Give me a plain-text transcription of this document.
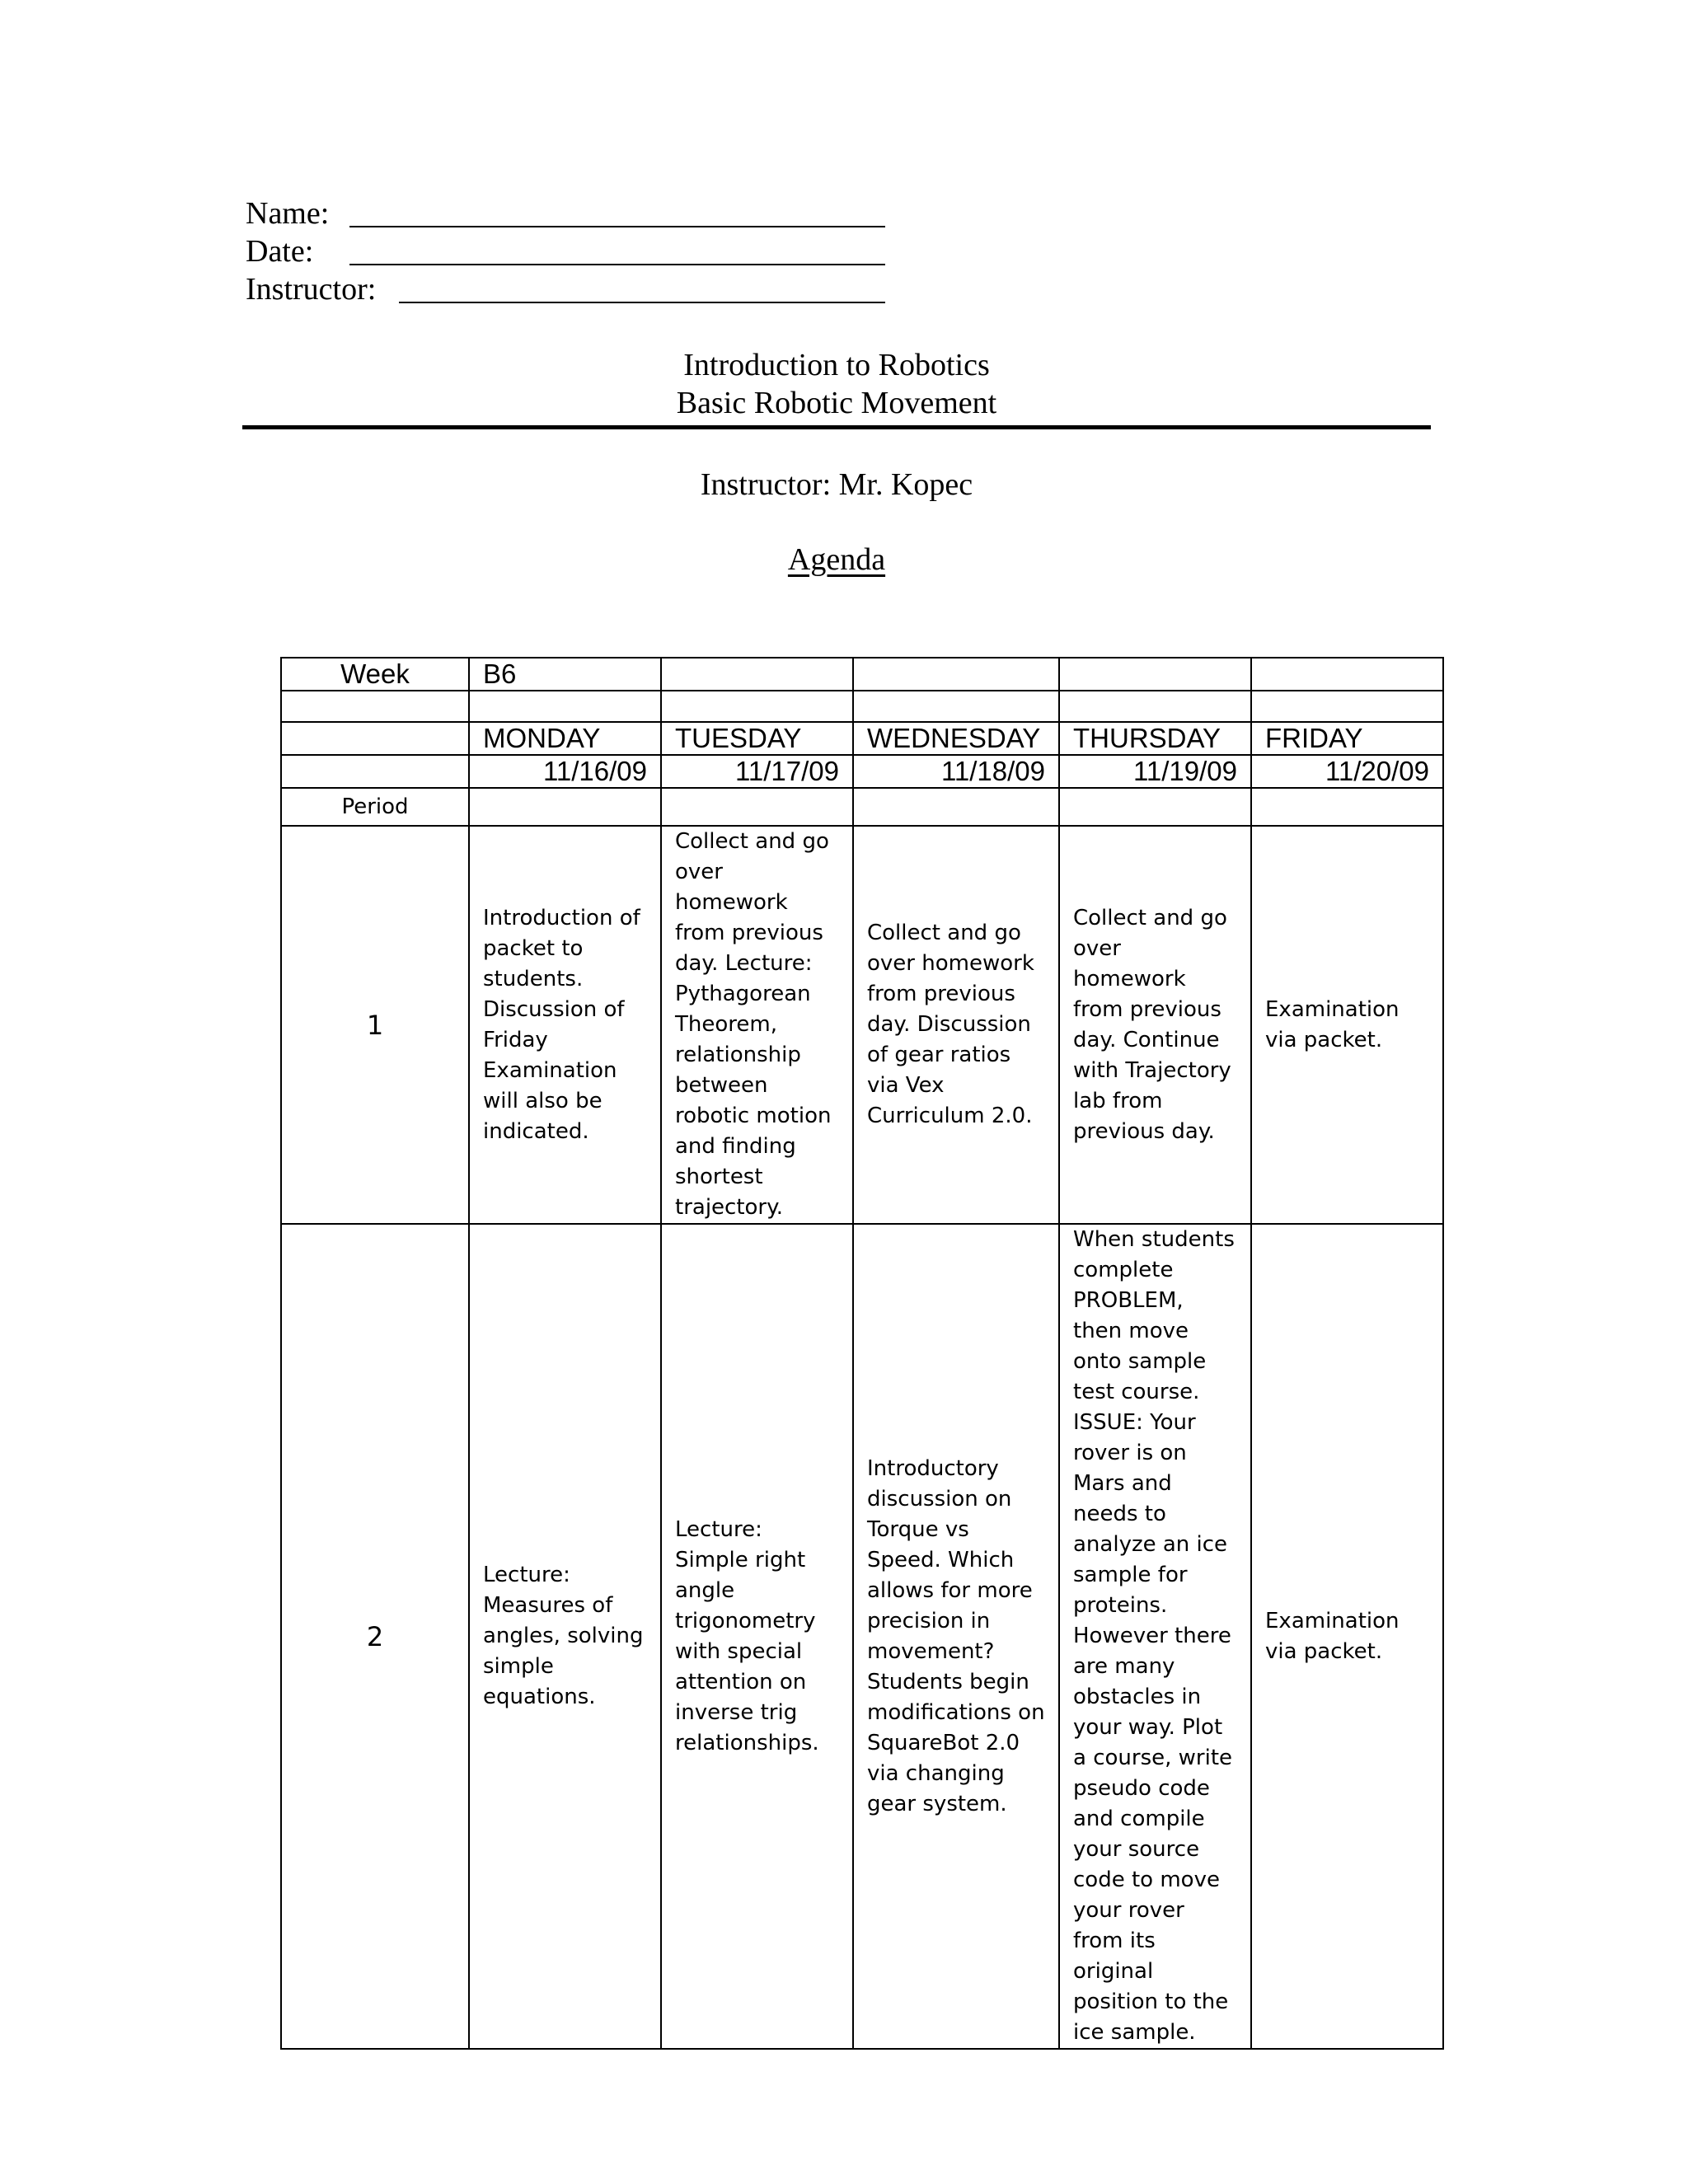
Name:
Date:
Instructor:
Introduction to Robotics
Basic Robotic Movement
Instructor: Mr. Kopec
Agenda
Week	B6				

	MONDAY	TUESDAY	WEDNESDAY	THURSDAY	FRIDAY
	11/16/09	11/17/09	11/18/09	11/19/09	11/20/09
Period					
1	Introduction of packet to students. Discussion of Friday Examination will also be indicated.	Collect and go over homework from previous day. Lecture: Pythagorean Theorem, relationship between robotic motion and finding shortest trajectory.	Collect and go over homework from previous day. Discussion of gear ratios via Vex Curriculum 2.0.	Collect and go over homework from previous day. Continue with Trajectory lab from previous day.	Examination via packet.
2	Lecture: Measures of angles, solving simple equations.	Lecture: Simple right angle trigonometry with special attention on inverse trig relationships.	Introductory discussion on Torque vs Speed. Which allows for more precision in movement? Students begin modifications on SquareBot 2.0 via changing gear system.	When students complete PROBLEM, then move onto sample test course. ISSUE: Your rover is on Mars and needs to analyze an ice sample for proteins. However there are many obstacles in your way. Plot a course, write pseudo code and compile your source code to move your rover from its original position to the ice sample.	Examination via packet.
